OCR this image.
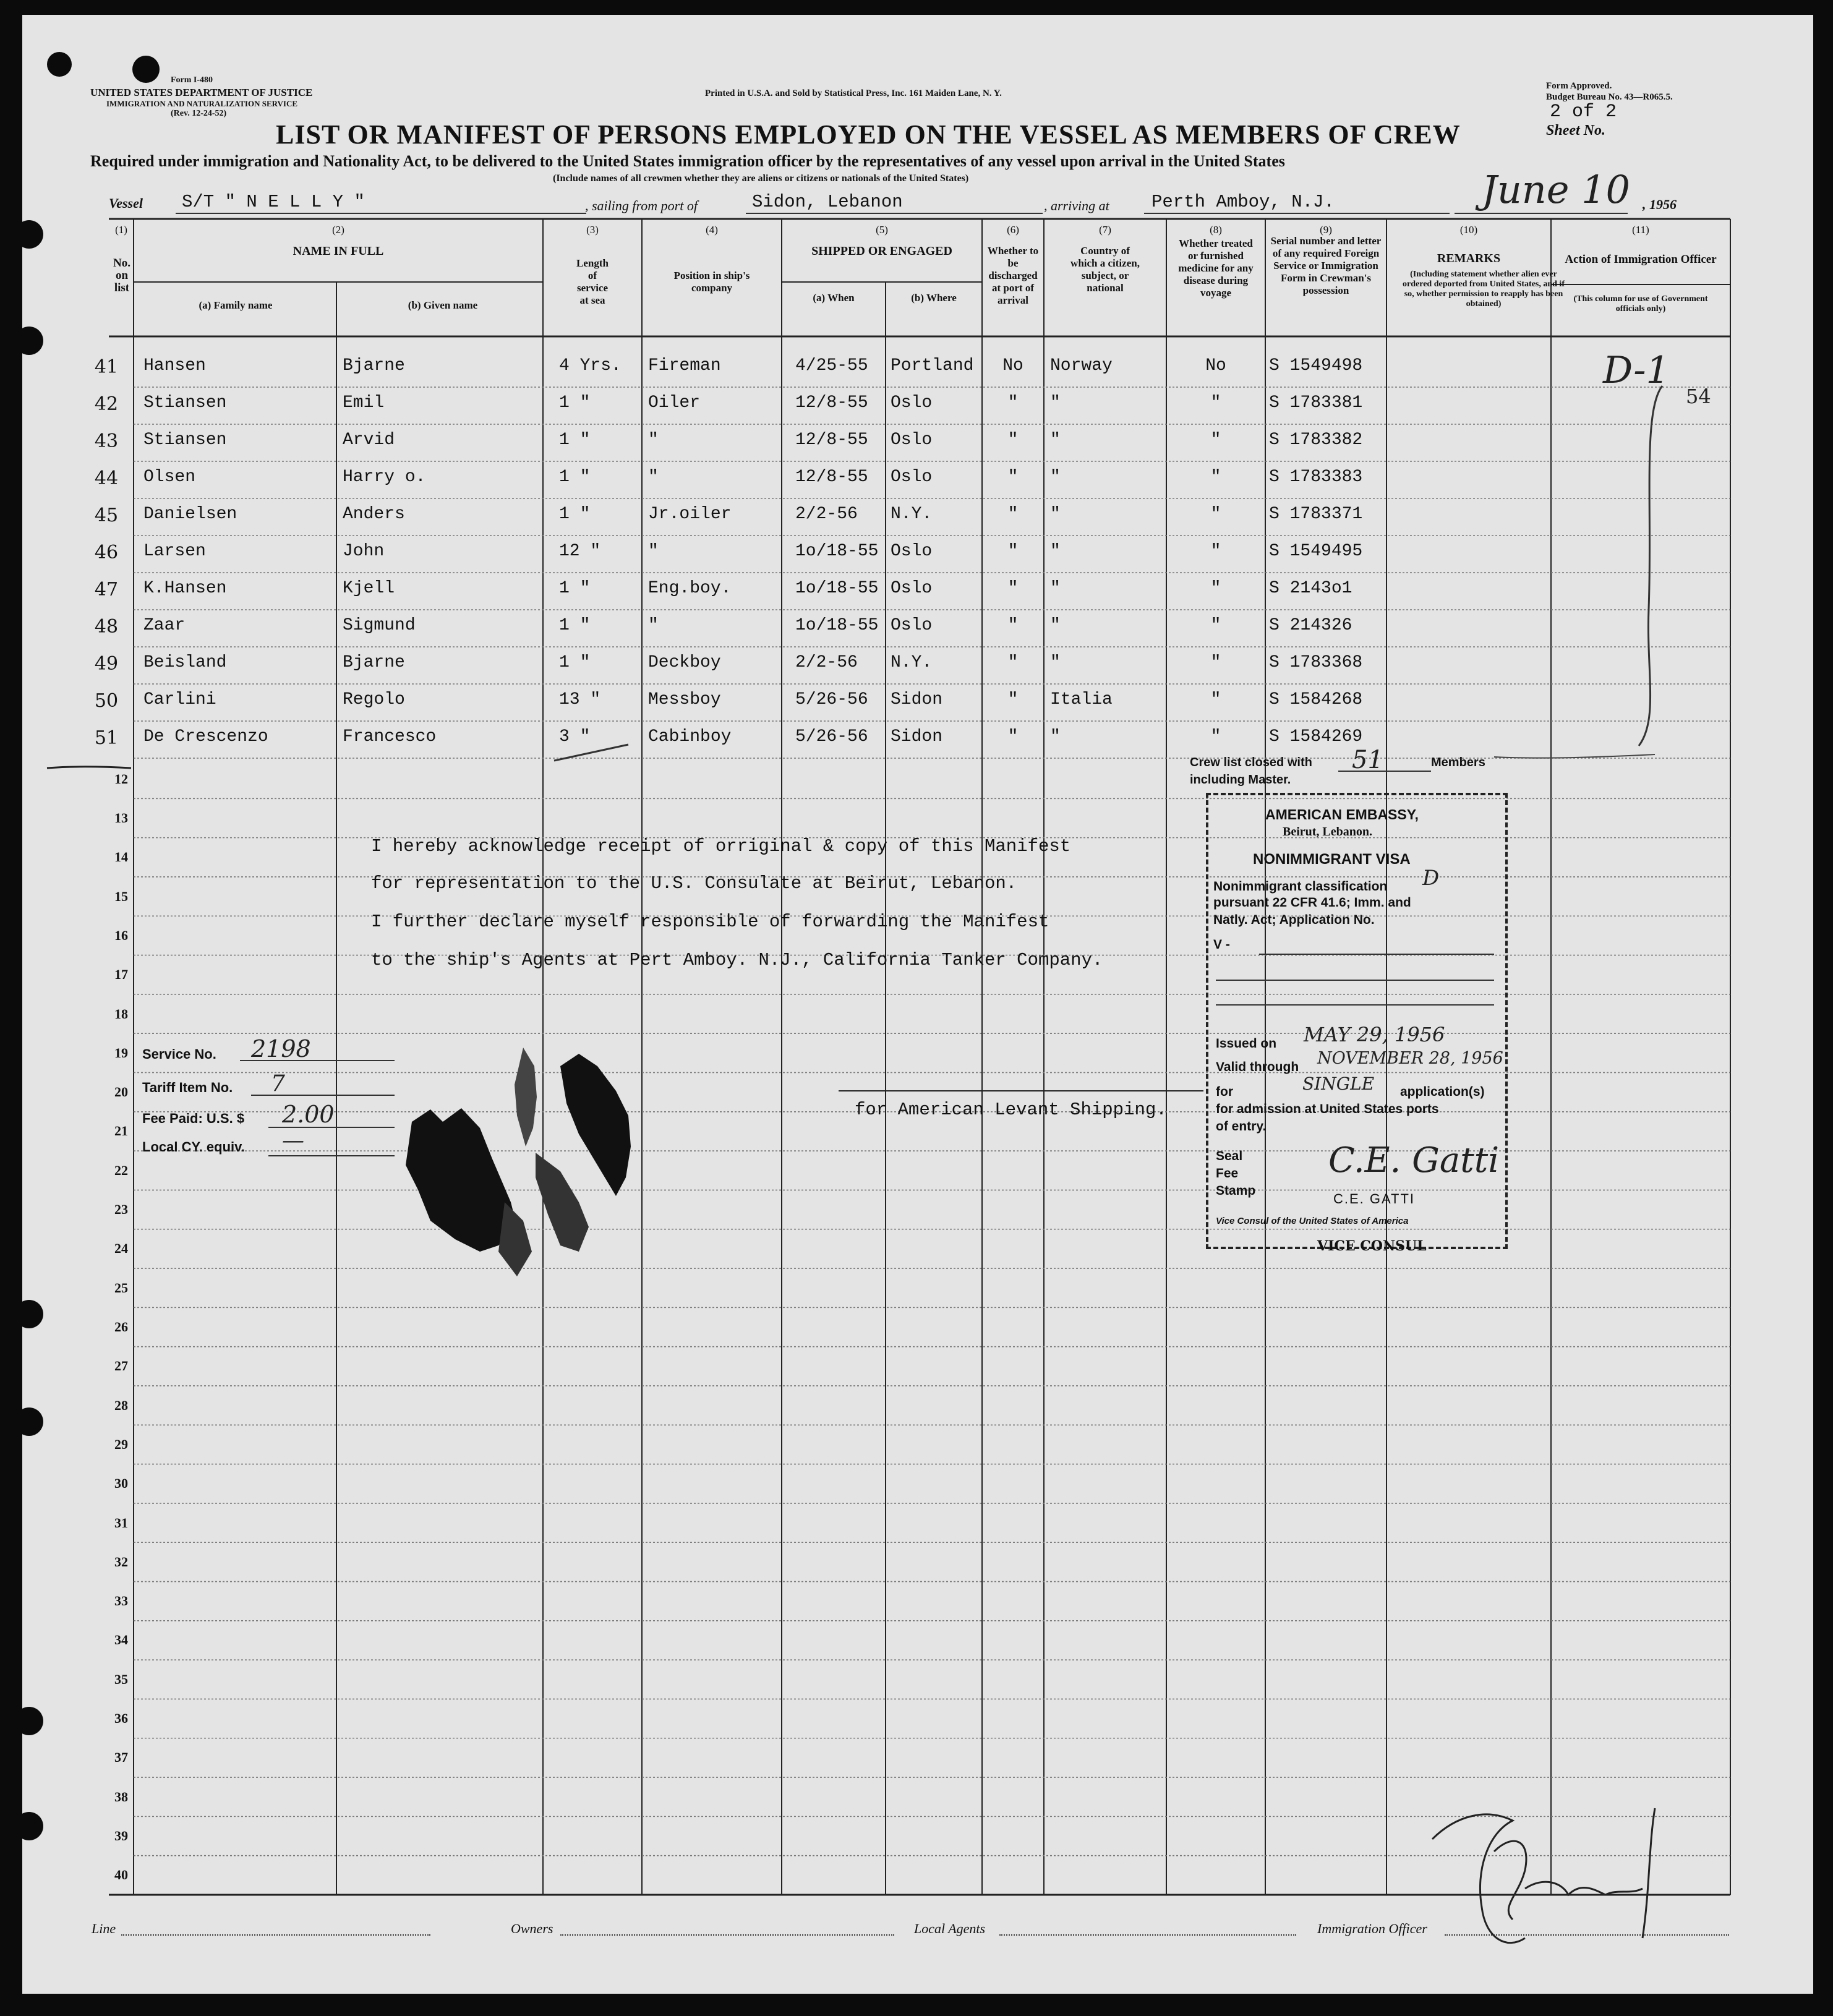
Form I-480
UNITED STATES DEPARTMENT OF JUSTICE
IMMIGRATION AND NATURALIZATION SERVICE
(Rev. 12-24-52)
Printed in U.S.A. and Sold by Statistical Press, Inc. 161 Maiden Lane, N. Y.
Form Approved.
Budget Bureau No. 43—R065.5.
2 of 2
Sheet No.
LIST OR MANIFEST OF PERSONS EMPLOYED ON THE VESSEL AS MEMBERS OF CREW
Required under immigration and Nationality Act, to be delivered to the United States immigration officer by the representatives of any vessel upon arrival in the United States
(Include names of all crewmen whether they are aliens or citizens or nationals of the United States)
Vessel S/T " N E L L Y "	, sailing from port of	Sidon, Lebanon	, arriving at Perth Amboy, N.J.	June 10 , 1956
(1)
No. on list
(2)
NAME IN FULL
(a) Family name	(b) Given name
(3)
Length of service at sea
(4)
Position in ship's company
(5)
SHIPPED OR ENGAGED
(a) When	(b) Where
(6)
Whether to be discharged at port of arrival
(7)
Country of which a citizen, subject, or national
(8)
Whether treated or furnished medicine for any disease during voyage
(9)
Serial number and letter of any required Foreign Service or Immigration Form in Crewman's possession
(10)
REMARKS
(Including statement whether alien ever ordered deported from United States, and if so, whether permission to reapply has been obtained)
(11)
Action of Immigration Officer
(This column for use of Government officials only)
41 Hansen	Bjarne	4 Yrs. Fireman	4/25-55 Portland	No	Norway	No	S 1549498
42 Stiansen	Emil	1 "	Oiler	12/8-55 Oslo	"	"	"	S 1783381
43 Stiansen	Arvid	1 "	"	12/8-55 Oslo	"	"	"	S 1783382
44 Olsen	Harry o.	1 "	"	12/8-55 Oslo	"	"	"	S 1783383
45 Danielsen	Anders	1 "	Jr.oiler	2/2-56 N.Y.	"	"	"	S 1783371
46 Larsen	John	12 "	"	1o/18-55 Oslo	"	"	"	S 1549495
47 K.Hansen	Kjell	1 "	Eng.boy.	1o/18-55 Oslo	"	"	"	S 2143o1
48 Zaar	Sigmund	1 "	"	1o/18-55 Oslo	"	"	"	S 214326
49 Beisland	Bjarne	1 "	Deckboy	2/2-56 N.Y.	"	"	"	S 1783368
50 Carlini	Regolo	13 "	Messboy	5/26-56 Sidon	"	Italia	"	S 1584268
51 De Crescenzo	Francesco	3 "	Cabinboy	5/26-56 Sidon	"	"	"	S 1584269
12
13
14
15
16
17
18
19
20
21
22
23
24
25
26
27
28
29
30
31
32
33
34
35
36
37
38
39
40
D-1
54
Crew list closed with 51	Members
including Master.
I hereby acknowledge receipt of orriginal & copy of this Manifest
for representation to the U.S. Consulate at Beirut, Lebanon.
I further declare myself responsible of forwarding the Manifest
to the ship's Agents at Pert Amboy. N.J., California Tanker Company.
Service No. 2198
Tariff Item No. 7
Fee Paid: U.S. $ 2.00
Local CY. equiv. —
for American Levant Shipping.
AMERICAN EMBASSY,
Beirut, Lebanon.
NONIMMIGRANT VISA
Nonimmigrant classification D
pursuant 22 CFR 41.6; Imm. and
Natly. Act; Application No.
V -
Issued on MAY 29, 1956
Valid through NOVEMBER 28, 1956
for	SINGLE application(s)
for admission at United States ports
of entry.
Seal
Fee
Stamp
C.E. Gatti
C.E. GATTI
Vice Consul of the United States of America
VICE CONSUL
Line	Owners	Local Agents	Immigration Officer
